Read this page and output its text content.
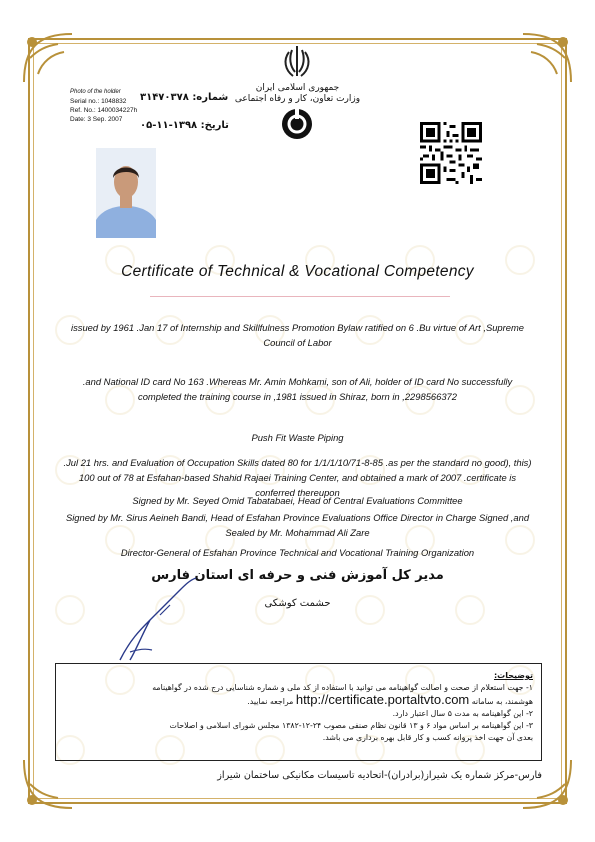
جمهوری اسلامی ایران
وزارت تعاون، کار و رفاه اجتماعی
شماره: ۳۱۴۷۰۳۷۸
تاریخ: ۱۳۹۸-۱۱-۰۵
Photo of the holder
Serial no.: 1048832
Ref. No.: 1400034227h
Date: 3 Sep. 2007
Certificate of Technical & Vocational Competency
issued by 1961 .Jan 17 of Internship and Skillfulness Promotion Bylaw ratified on 6 .Bu virtue of Art ,Supreme Council of Labor
.and National ID card No 163 .Whereas Mr. Amin Mohkami, son of Ali, holder of ID card No successfully completed the training course in ,1981 issued in Shiraz, born in ,2298566372
Push Fit Waste Piping
.Jul 21 hrs. and Evaluation of Occupation Skills dated 80 for 1/1/1/10/71-8-85 .as per the standard no good), this) 100 out of 78 at Esfahan-based Shahid Rajaei Training Center, and obtained a mark of 2007 .certificate is conferred thereupon
Signed by Mr. Seyed Omid Tabatabaei, Head of Central Evaluations Committee
Signed by Mr. Sirus Aeineh Bandi, Head of Esfahan Province Evaluations Office Director in Charge Signed ,and Sealed by Mr. Mohammad Ali Zare
Director-General of Esfahan Province Technical and Vocational Training Organization
مدیر کل آموزش فنی و حرفه ای استان فارس
حشمت کوشکی
توضیحات:
۱- جهت استعلام از صحت و اصالت گواهینامه می توانید با استفاده از کد ملی و شماره شناسایی درج شده در گواهینامه
هوشمند، به سامانه http://certificate.portaltvto.com مراجعه نمایید.
۲- این گواهینامه به مدت ۵ سال اعتبار دارد.
۳- این گواهینامه بر اساس مواد ۶ و ۱۳ قانون نظام صنفی مصوب ۲۴-۱۲-۱۳۸۲ مجلس شورای اسلامی و اصلاحات
بعدی آن جهت اخذ پروانه کسب و کار قابل بهره برداری می باشد.
فارس-مرکز شماره یک شیراز(برادران)-اتحادیه تاسیسات مکانیکی ساختمان شیراز
